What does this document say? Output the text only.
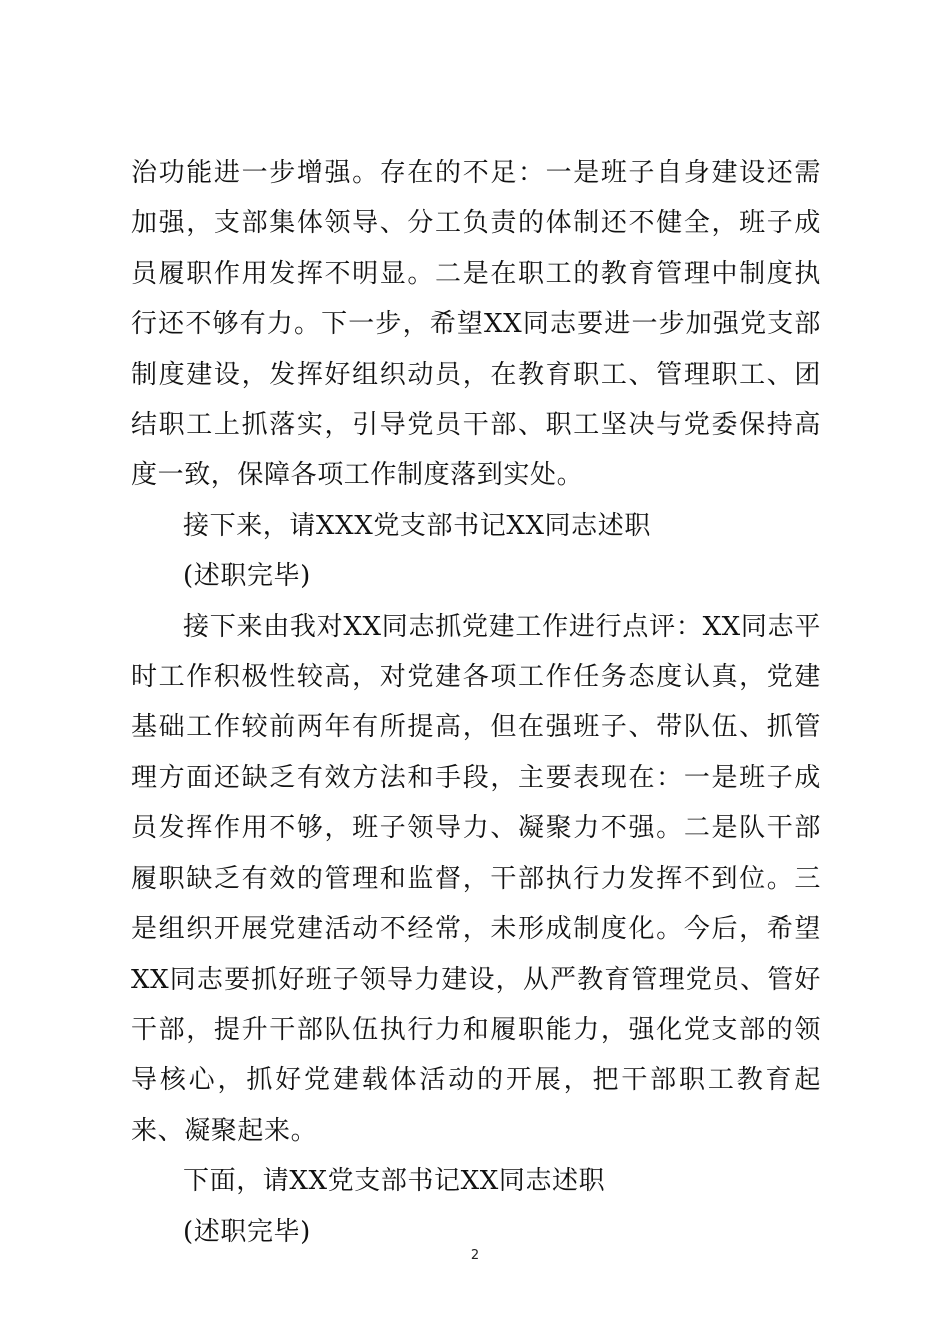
治功能进一步增强。存在的不足：一是班子自身建设还需加强，支部集体领导、分工负责的体制还不健全，班子成员履职作用发挥不明显。二是在职工的教育管理中制度执行还不够有力。下一步，希望XX同志要进一步加强党支部制度建设，发挥好组织动员，在教育职工、管理职工、团结职工上抓落实，引导党员干部、职工坚决与党委保持高度一致，保障各项工作制度落到实处。

接下来，请XXX党支部书记XX同志述职

(述职完毕)

接下来由我对XX同志抓党建工作进行点评：XX同志平时工作积极性较高，对党建各项工作任务态度认真，党建基础工作较前两年有所提高，但在强班子、带队伍、抓管理方面还缺乏有效方法和手段，主要表现在：一是班子成员发挥作用不够，班子领导力、凝聚力不强。二是队干部履职缺乏有效的管理和监督，干部执行力发挥不到位。三是组织开展党建活动不经常，未形成制度化。今后，希望XX同志要抓好班子领导力建设，从严教育管理党员、管好干部，提升干部队伍执行力和履职能力，强化党支部的领导核心，抓好党建载体活动的开展，把干部职工教育起来、凝聚起来。

下面，请XX党支部书记XX同志述职

(述职完毕)

2
